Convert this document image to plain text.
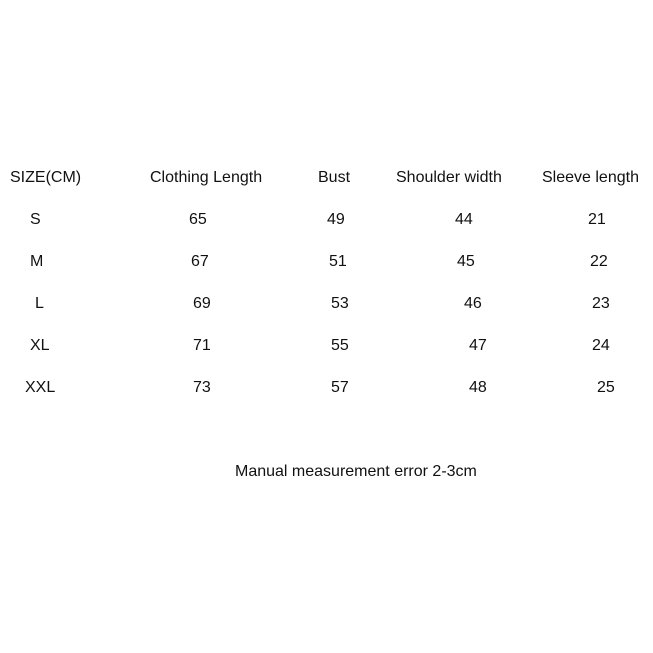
SIZE(CM)	Clothing Length	Bust	Shoulder width	Sleeve length
S	65	49	44	21
M	67	51	45	22
L	69	53	46	23
XL	71	55	47	24
XXL	73	57	48	25
Manual measurement error 2-3cm
